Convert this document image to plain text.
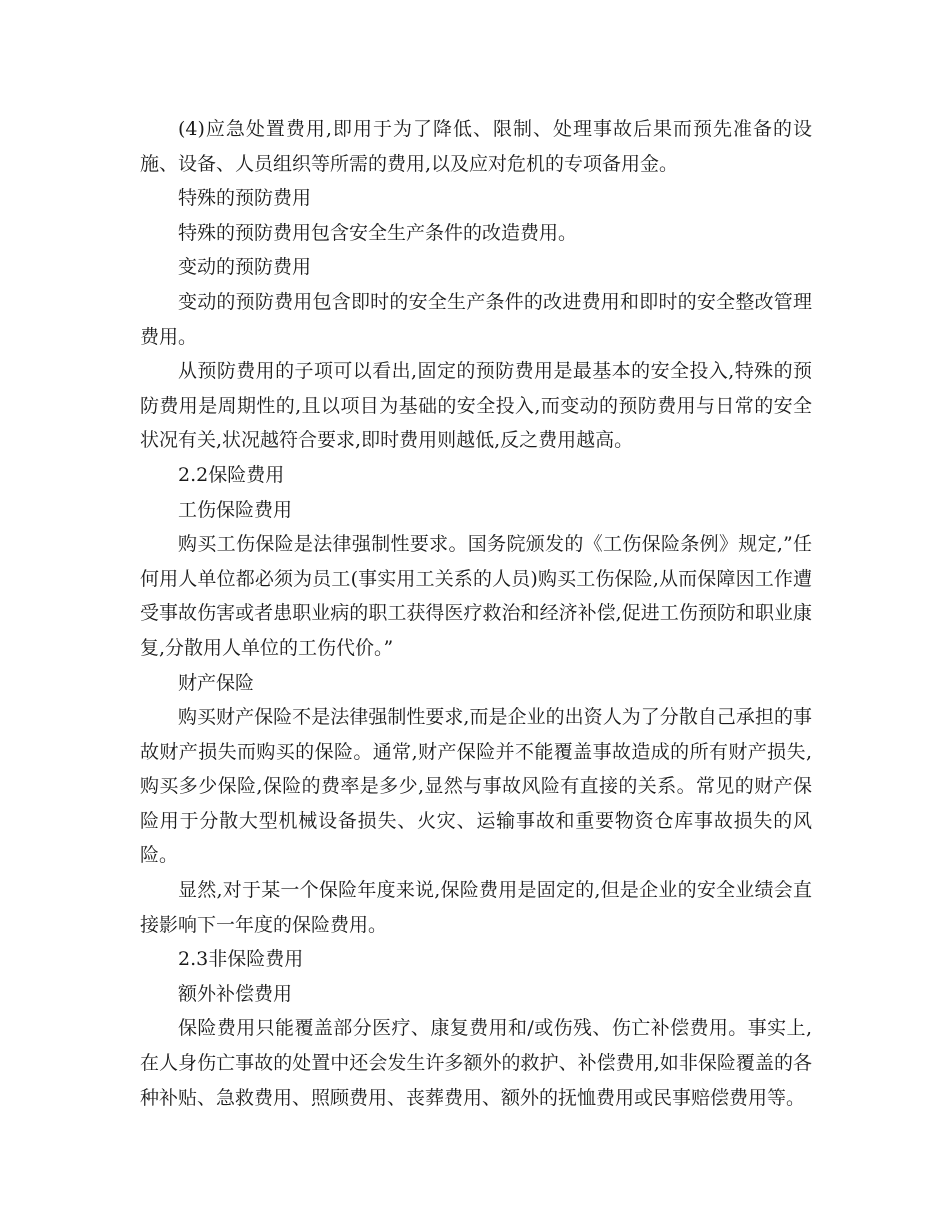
(4)应急处置费用,即用于为了降低、限制、处理事故后果而预先准备的设施、设备、人员组织等所需的费用,以及应对危机的专项备用金。

特殊的预防费用

特殊的预防费用包含安全生产条件的改造费用。

变动的预防费用

变动的预防费用包含即时的安全生产条件的改进费用和即时的安全整改管理费用。

从预防费用的子项可以看出,固定的预防费用是最基本的安全投入,特殊的预防费用是周期性的,且以项目为基础的安全投入,而变动的预防费用与日常的安全状况有关,状况越符合要求,即时费用则越低,反之费用越高。

2.2保险费用

工伤保险费用

购买工伤保险是法律强制性要求。国务院颁发的《工伤保险条例》规定,”任何用人单位都必须为员工(事实用工关系的人员)购买工伤保险,从而保障因工作遭受事故伤害或者患职业病的职工获得医疗救治和经济补偿,促进工伤预防和职业康复,分散用人单位的工伤代价。”

财产保险

购买财产保险不是法律强制性要求,而是企业的出资人为了分散自己承担的事故财产损失而购买的保险。通常,财产保险并不能覆盖事故造成的所有财产损失,购买多少保险,保险的费率是多少,显然与事故风险有直接的关系。常见的财产保险用于分散大型机械设备损失、火灾、运输事故和重要物资仓库事故损失的风险。

显然,对于某一个保险年度来说,保险费用是固定的,但是企业的安全业绩会直接影响下一年度的保险费用。

2.3非保险费用

额外补偿费用

保险费用只能覆盖部分医疗、康复费用和/或伤残、伤亡补偿费用。事实上,在人身伤亡事故的处置中还会发生许多额外的救护、补偿费用,如非保险覆盖的各种补贴、急救费用、照顾费用、丧葬费用、额外的抚恤费用或民事赔偿费用等。
